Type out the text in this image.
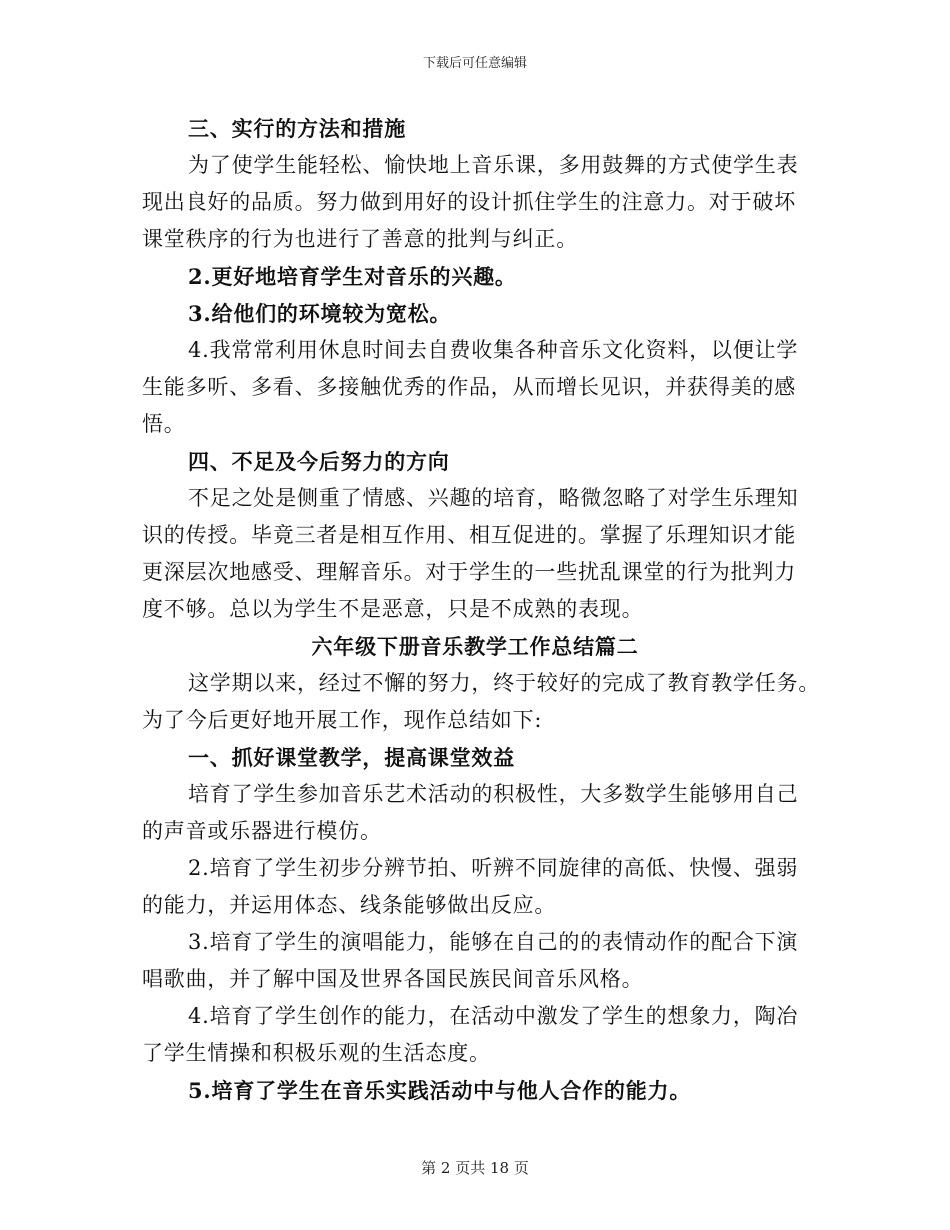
下载后可任意编辑

三、实行的方法和措施

为了使学生能轻松、愉快地上音乐课，多用鼓舞的方式使学生表

现出良好的品质。努力做到用好的设计抓住学生的注意力。对于破坏

课堂秩序的行为也进行了善意的批判与纠正。

2.更好地培育学生对音乐的兴趣。

3.给他们的环境较为宽松。

4.我常常利用休息时间去自费收集各种音乐文化资料，以便让学

生能多听、多看、多接触优秀的作品，从而增长见识，并获得美的感

悟。

四、不足及今后努力的方向

不足之处是侧重了情感、兴趣的培育，略微忽略了对学生乐理知

识的传授。毕竟三者是相互作用、相互促进的。掌握了乐理知识才能

更深层次地感受、理解音乐。对于学生的一些扰乱课堂的行为批判力

度不够。总以为学生不是恶意，只是不成熟的表现。

六年级下册音乐教学工作总结篇二

这学期以来，经过不懈的努力，终于较好的完成了教育教学任务。

为了今后更好地开展工作，现作总结如下:

一、抓好课堂教学，提高课堂效益

培育了学生参加音乐艺术活动的积极性，大多数学生能够用自己

的声音或乐器进行模仿。

2.培育了学生初步分辨节拍、听辨不同旋律的高低、快慢、强弱

的能力，并运用体态、线条能够做出反应。

3.培育了学生的演唱能力，能够在自己的的表情动作的配合下演

唱歌曲，并了解中国及世界各国民族民间音乐风格。

4.培育了学生创作的能力，在活动中激发了学生的想象力，陶冶

了学生情操和积极乐观的生活态度。

5.培育了学生在音乐实践活动中与他人合作的能力。

第 2 页共 18 页
